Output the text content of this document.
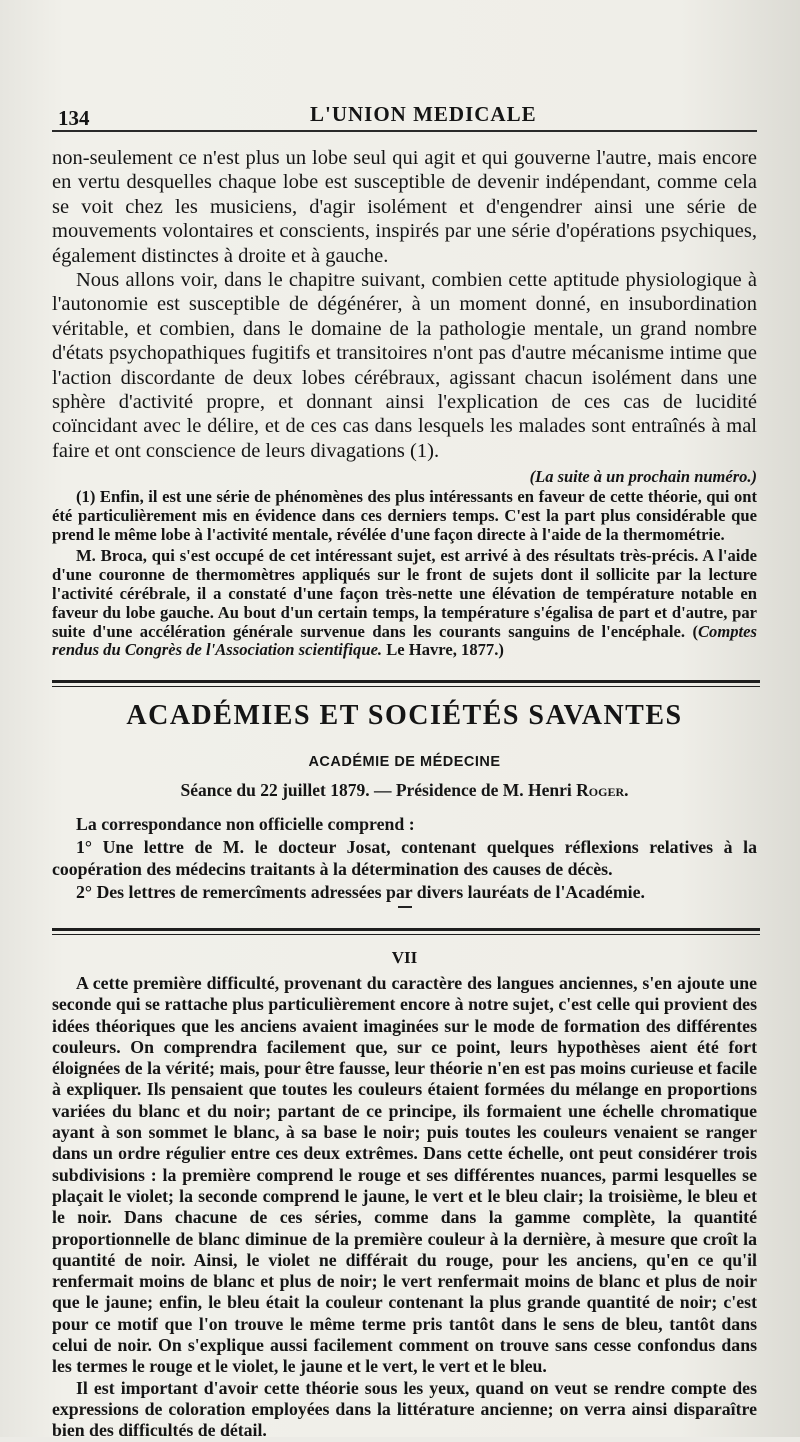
134	L'UNION MEDICALE

non-seulement ce n'est plus un lobe seul qui agit et qui gouverne l'autre, mais encore en vertu desquelles chaque lobe est susceptible de devenir indépendant, comme cela se voit chez les musiciens, d'agir isolément et d'engendrer ainsi une série de mouvements volontaires et conscients, inspirés par une série d'opérations psychiques, également distinctes à droite et à gauche.

Nous allons voir, dans le chapitre suivant, combien cette aptitude physiologique à l'autonomie est susceptible de dégénérer, à un moment donné, en insubordination véritable, et combien, dans le domaine de la pathologie mentale, un grand nombre d'états psychopathiques fugitifs et transitoires n'ont pas d'autre mécanisme intime que l'action discordante de deux lobes cérébraux, agissant chacun isolément dans une sphère d'activité propre, et donnant ainsi l'explication de ces cas de lucidité coïncidant avec le délire, et de ces cas dans lesquels les malades sont entraînés à mal faire et ont conscience de leurs divagations (1).

(La suite à un prochain numéro.)

(1) Enfin, il est une série de phénomènes des plus intéressants en faveur de cette théorie, qui ont été particulièrement mis en évidence dans ces derniers temps. C'est la part plus considérable que prend le même lobe à l'activité mentale, révélée d'une façon directe à l'aide de la thermométrie.

M. Broca, qui s'est occupé de cet intéressant sujet, est arrivé à des résultats très-précis. A l'aide d'une couronne de thermomètres appliqués sur le front de sujets dont il sollicite par la lecture l'activité cérébrale, il a constaté d'une façon très-nette une élévation de température notable en faveur du lobe gauche. Au bout d'un certain temps, la température s'égalisa de part et d'autre, par suite d'une accélération générale survenue dans les courants sanguins de l'encéphale. (Comptes rendus du Congrès de l'Association scientifique. Le Havre, 1877.)

ACADÉMIES ET SOCIÉTÉS SAVANTES
ACADÉMIE DE MÉDECINE
Séance du 22 juillet 1879. — Présidence de M. Henri Roger.

La correspondance non officielle comprend :

1° Une lettre de M. le docteur Josat, contenant quelques réflexions relatives à la coopération des médecins traitants à la détermination des causes de décès.

2° Des lettres de remercîments adressées par divers lauréats de l'Académie.

VII

A cette première difficulté, provenant du caractère des langues anciennes, s'en ajoute une seconde qui se rattache plus particulièrement encore à notre sujet, c'est celle qui provient des idées théoriques que les anciens avaient imaginées sur le mode de formation des différentes couleurs. On comprendra facilement que, sur ce point, leurs hypothèses aient été fort éloignées de la vérité; mais, pour être fausse, leur théorie n'en est pas moins curieuse et facile à expliquer. Ils pensaient que toutes les couleurs étaient formées du mélange en proportions variées du blanc et du noir; partant de ce principe, ils formaient une échelle chromatique ayant à son sommet le blanc, à sa base le noir; puis toutes les couleurs venaient se ranger dans un ordre régulier entre ces deux extrêmes. Dans cette échelle, ont peut considérer trois subdivisions : la première comprend le rouge et ses différentes nuances, parmi lesquelles se plaçait le violet; la seconde comprend le jaune, le vert et le bleu clair; la troisième, le bleu et le noir. Dans chacune de ces séries, comme dans la gamme complète, la quantité proportionnelle de blanc diminue de la première couleur à la dernière, à mesure que croît la quantité de noir. Ainsi, le violet ne différait du rouge, pour les anciens, qu'en ce qu'il renfermait moins de blanc et plus de noir; le vert renfermait moins de blanc et plus de noir que le jaune; enfin, le bleu était la couleur contenant la plus grande quantité de noir; c'est pour ce motif que l'on trouve le même terme pris tantôt dans le sens de bleu, tantôt dans celui de noir. On s'explique aussi facilement comment on trouve sans cesse confondus dans les termes le rouge et le violet, le jaune et le vert, le vert et le bleu.

Il est important d'avoir cette théorie sous les yeux, quand on veut se rendre compte des expressions de coloration employées dans la littérature ancienne; on verra ainsi disparaître bien des difficultés de détail.
